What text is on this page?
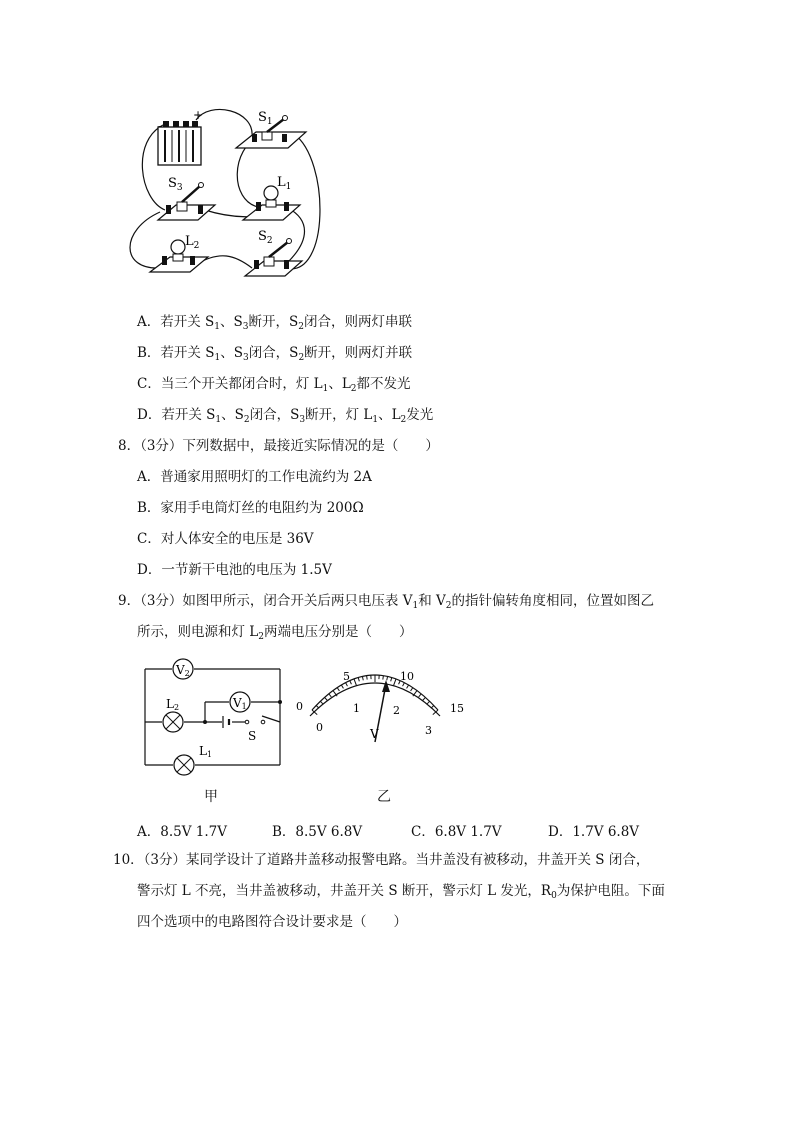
-
+	$S_1$
$S_3$	$L_1$
$L_2$
$S_2$
A．若开关 $S_1$、$S_3$断开，$S_2$闭合，则两灯串联
B．若开关 $S_1$、$S_3$闭合，$S_2$断开，则两灯并联
C．当三个开关都闭合时，灯 $L_1$、$L_2$都不发光
D．若开关 $S_1$、$S_2$闭合，$S_3$断开，灯 $L_1$、$L_2$发光
8．（3分）下列数据中，最接近实际情况的是（　　）
A．普通家用照明灯的工作电流约为 2A
B．家用手电筒灯丝的电阻约为 200Ω
C．对人体安全的电压是 36V
D．一节新干电池的电压为 1.5V
9．（3分）如图甲所示，闭合开关后两只电压表 $V_1$和 $V_2$的指针偏转角度相同，位置如图乙
所示，则电源和灯 $L_2$两端电压分别是（　　）
V2
V1
L2
L1
S
0
5	10
15
0
1	2
3
V
甲	乙
A．8.5V 1.7V	B．8.5V 6.8V	C．6.8V 1.7V	D．1.7V 6.8V
10．（3分）某同学设计了道路井盖移动报警电路。当井盖没有被移动，井盖开关 S 闭合，
警示灯 L 不亮，当井盖被移动，井盖开关 S 断开，警示灯 L 发光，$R_0$为保护电阻。下面
四个选项中的电路图符合设计要求是（　　）
